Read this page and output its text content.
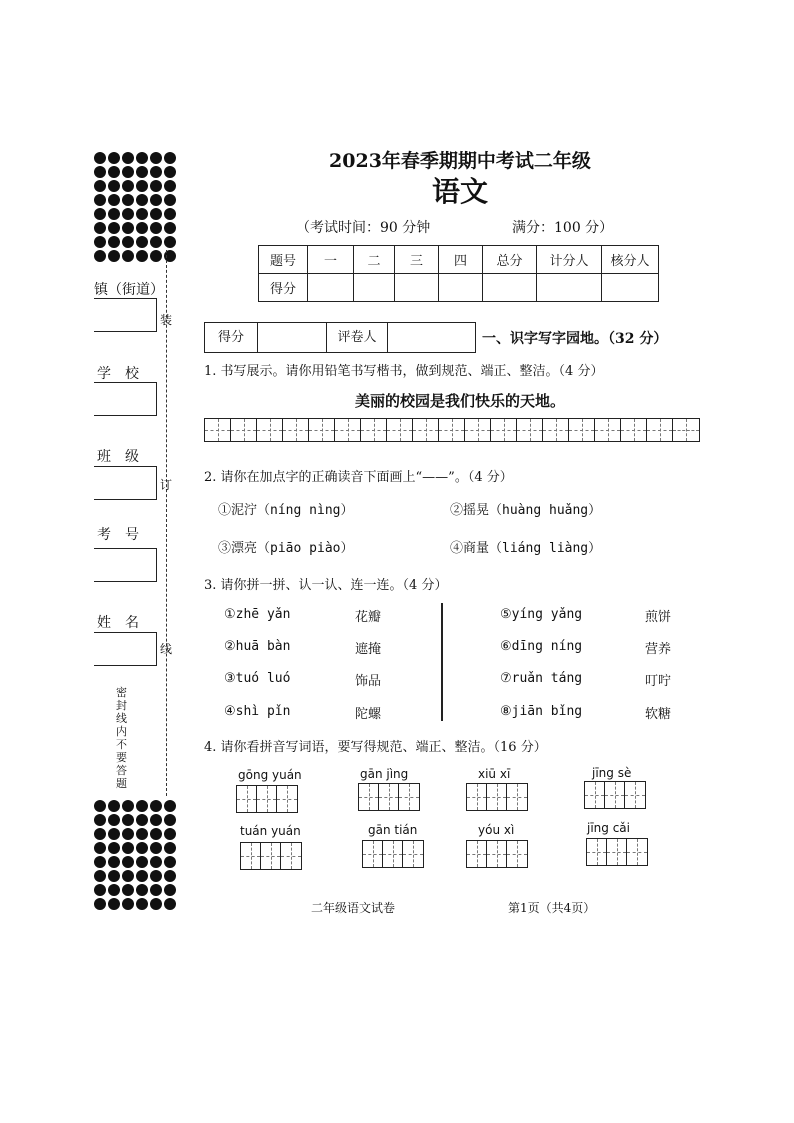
镇（街道）
学　校
班　级
考　号
姓　名
装
订
线
密
封
线
内
不
要
答
题
2023年春季期期中考试二年级
语文
（考试时间：90 分钟	满分：100 分）
题号	一	二	三	四	总分	计分人	核分人
得分							
得分	评卷人	一、识字写字园地。（32 分）
1. 书写展示。请你用铅笔书写楷书，做到规范、端正、整洁。（4 分）
美丽的校园是我们快乐的天地。
2. 请你在加点字的正确读音下面画上“——”。（4 分）
①泥泞（níng nìng）	②摇晃（huàng huǎng）
③漂亮（piāo piào）	④商量（liáng liàng）
3. 请你拼一拼、认一认、连一连。（4 分）
①zhē yǎn	花瓣
②huā bàn	遮掩
③tuó luó	饰品
④shì pǐn	陀螺
⑤yíng yǎng	煎饼
⑥dīng níng	营养
⑦ruǎn táng	叮咛
⑧jiān bǐng	软糖
4. 请你看拼音写词语，要写得规范、端正、整洁。（16 分）
gōng yuán	gān jìng	xiū xī	jīng sè
tuán yuán	gān tián	yóu xì	jīng cǎi
二年级语文试卷	第1页（共4页）
